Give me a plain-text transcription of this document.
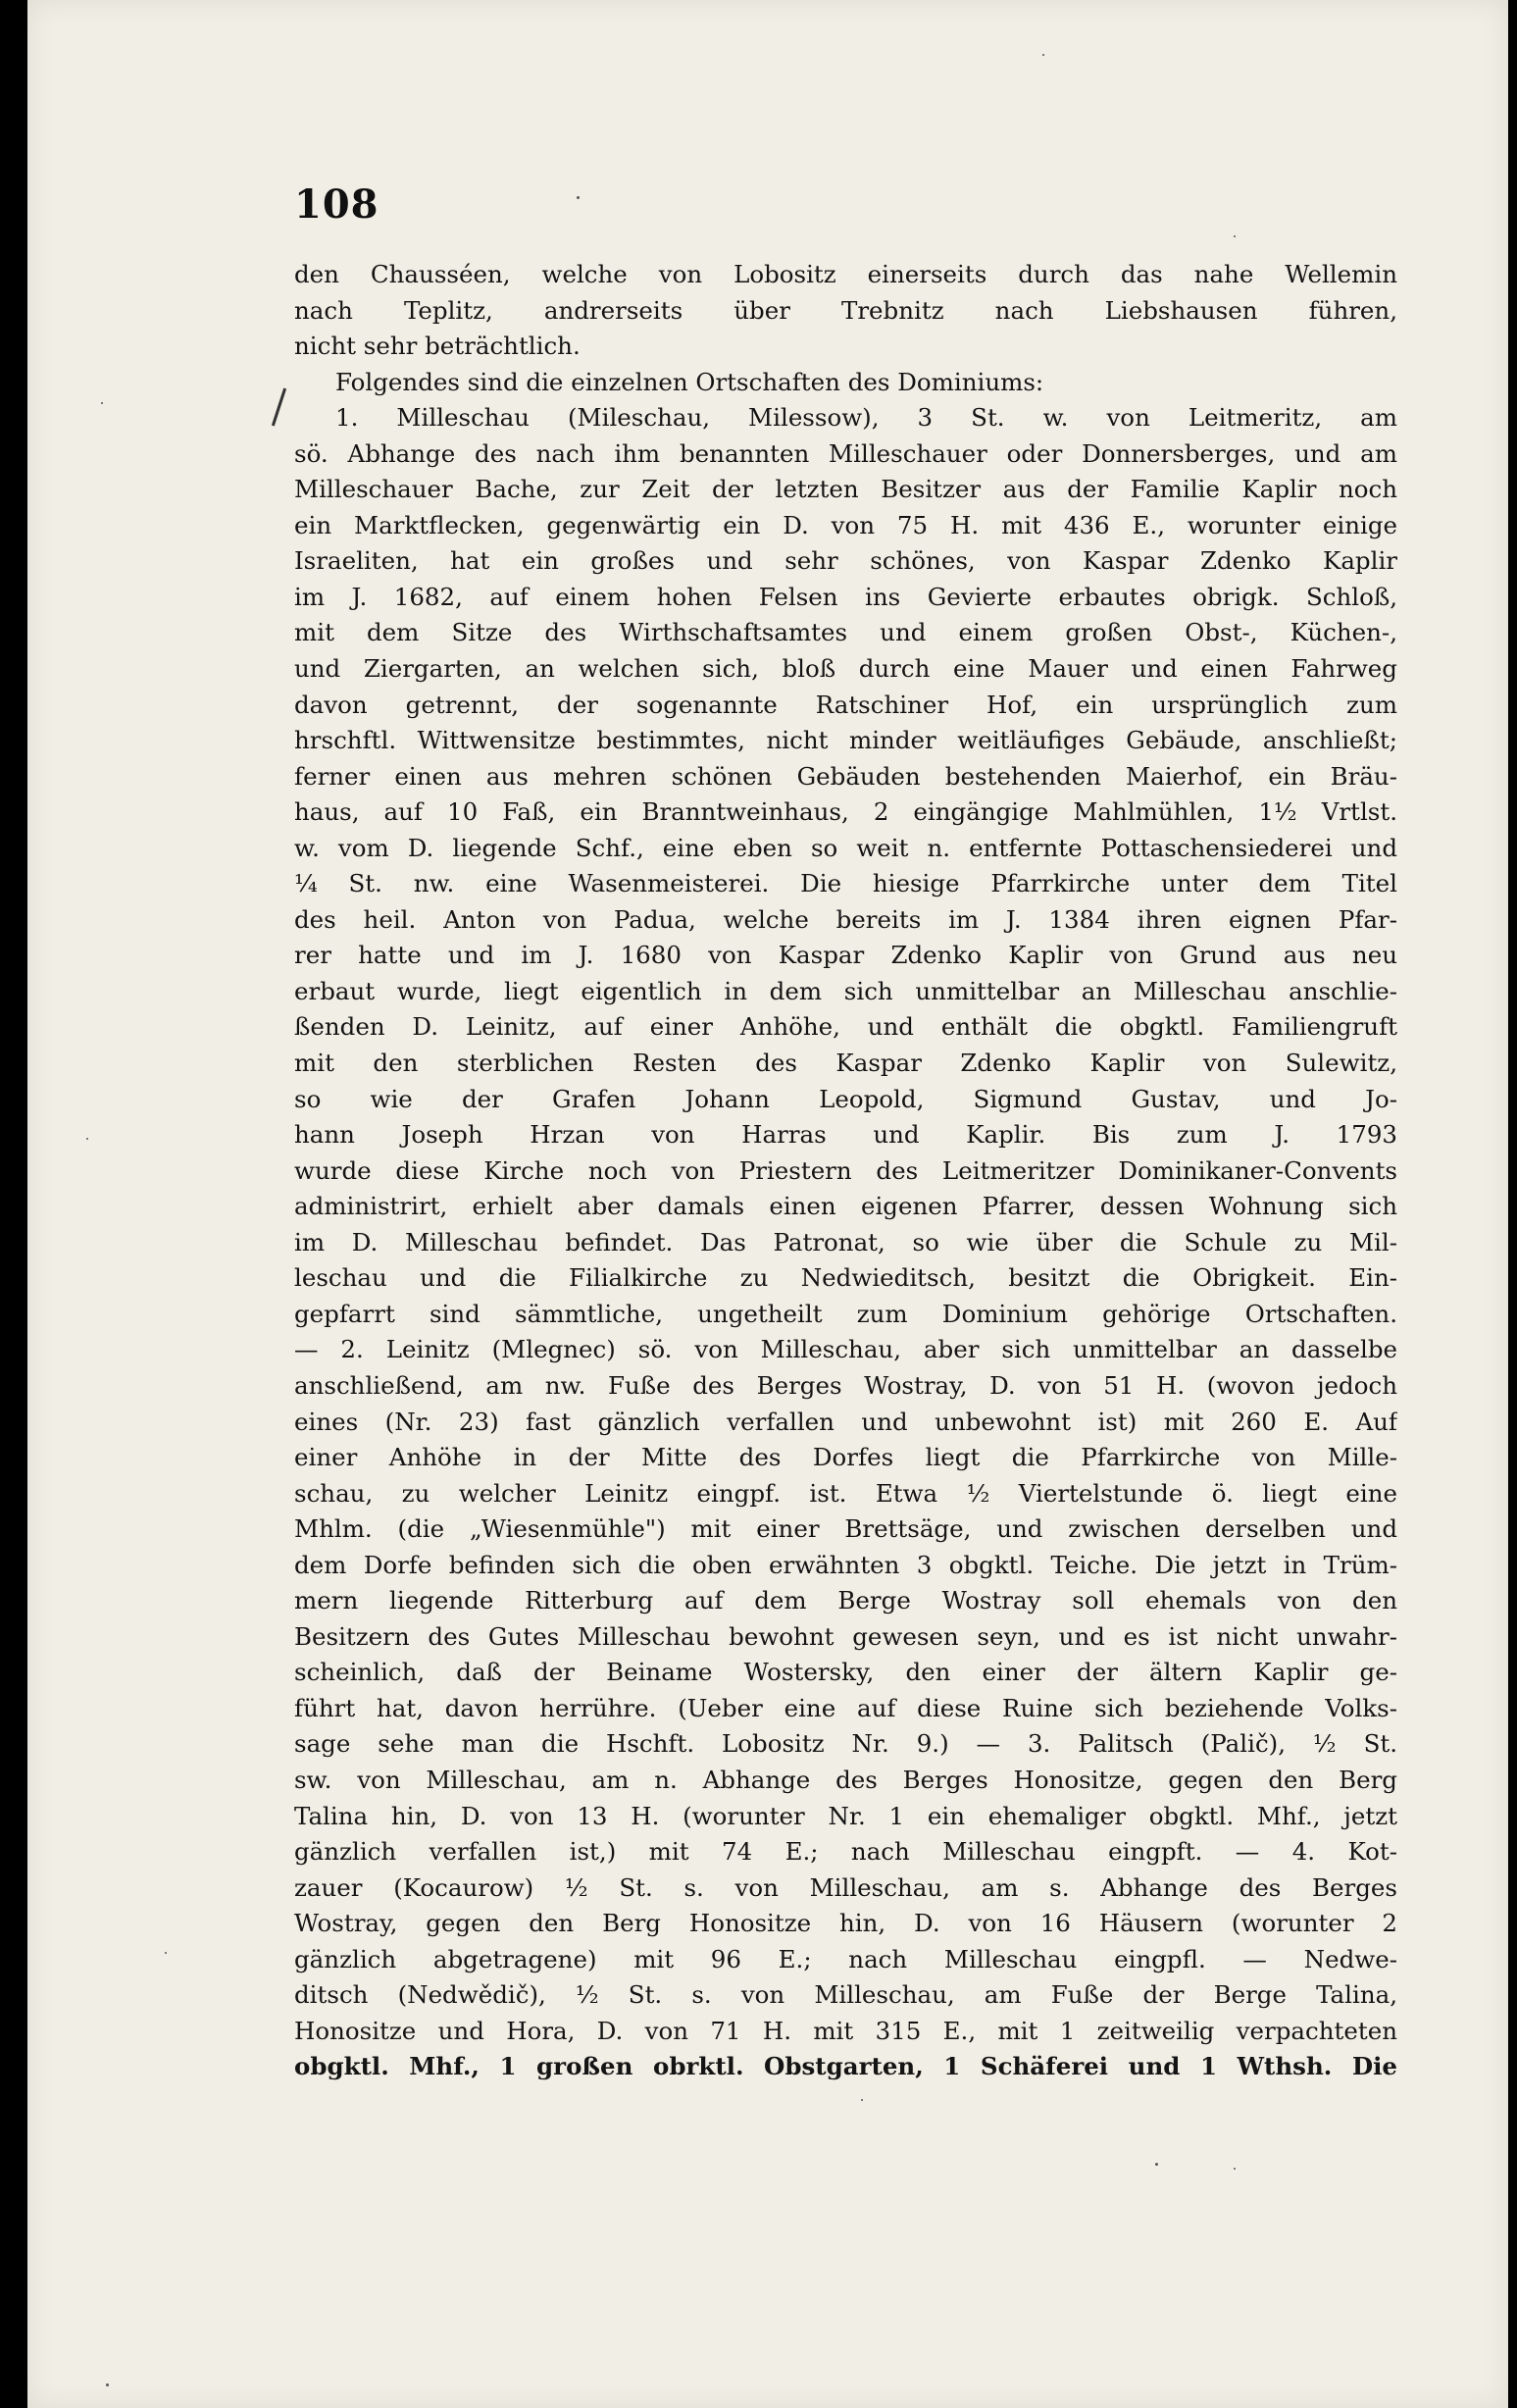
108
den Chausséen, welche von Lobositz einerseits durch das nahe Wellemin
nach Teplitz, andrerseits über Trebnitz nach Liebshausen führen,
nicht sehr beträchtlich.
Folgendes sind die einzelnen Ortschaften des Dominiums:
1. Milleschau (Mileschau, Milessow), 3 St. w. von Leitmeritz, am
sö. Abhange des nach ihm benannten Milleschauer oder Donnersberges, und am
Milleschauer Bache, zur Zeit der letzten Besitzer aus der Familie Kaplir noch
ein Marktflecken, gegenwärtig ein D. von 75 H. mit 436 E., worunter einige
Israeliten, hat ein großes und sehr schönes, von Kaspar Zdenko Kaplir
im J. 1682, auf einem hohen Felsen ins Gevierte erbautes obrigk. Schloß,
mit dem Sitze des Wirthschaftsamtes und einem großen Obst-, Küchen-,
und Ziergarten, an welchen sich, bloß durch eine Mauer und einen Fahrweg
davon getrennt, der sogenannte Ratschiner Hof, ein ursprünglich zum
hrschftl. Wittwensitze bestimmtes, nicht minder weitläufiges Gebäude, anschließt;
ferner einen aus mehren schönen Gebäuden bestehenden Maierhof, ein Bräu-
haus, auf 10 Faß, ein Branntweinhaus, 2 eingängige Mahlmühlen, 1½ Vrtlst.
w. vom D. liegende Schf., eine eben so weit n. entfernte Pottaschensiederei und
¼ St. nw. eine Wasenmeisterei. Die hiesige Pfarrkirche unter dem Titel
des heil. Anton von Padua, welche bereits im J. 1384 ihren eignen Pfar-
rer hatte und im J. 1680 von Kaspar Zdenko Kaplir von Grund aus neu
erbaut wurde, liegt eigentlich in dem sich unmittelbar an Milleschau anschlie-
ßenden D. Leinitz, auf einer Anhöhe, und enthält die obgktl. Familiengruft
mit den sterblichen Resten des Kaspar Zdenko Kaplir von Sulewitz,
so wie der Grafen Johann Leopold, Sigmund Gustav, und Jo-
hann Joseph Hrzan von Harras und Kaplir. Bis zum J. 1793
wurde diese Kirche noch von Priestern des Leitmeritzer Dominikaner-Convents
administrirt, erhielt aber damals einen eigenen Pfarrer, dessen Wohnung sich
im D. Milleschau befindet. Das Patronat, so wie über die Schule zu Mil-
leschau und die Filialkirche zu Nedwieditsch, besitzt die Obrigkeit. Ein-
gepfarrt sind sämmtliche, ungetheilt zum Dominium gehörige Ortschaften.
— 2. Leinitz (Mlegnec) sö. von Milleschau, aber sich unmittelbar an dasselbe
anschließend, am nw. Fuße des Berges Wostray, D. von 51 H. (wovon jedoch
eines (Nr. 23) fast gänzlich verfallen und unbewohnt ist) mit 260 E. Auf
einer Anhöhe in der Mitte des Dorfes liegt die Pfarrkirche von Mille-
schau, zu welcher Leinitz eingpf. ist. Etwa ½ Viertelstunde ö. liegt eine
Mhlm. (die „Wiesenmühle") mit einer Brettsäge, und zwischen derselben und
dem Dorfe befinden sich die oben erwähnten 3 obgktl. Teiche. Die jetzt in Trüm-
mern liegende Ritterburg auf dem Berge Wostray soll ehemals von den
Besitzern des Gutes Milleschau bewohnt gewesen seyn, und es ist nicht unwahr-
scheinlich, daß der Beiname Wostersky, den einer der ältern Kaplir ge-
führt hat, davon herrühre. (Ueber eine auf diese Ruine sich beziehende Volks-
sage sehe man die Hschft. Lobositz Nr. 9.) — 3. Palitsch (Palič), ½ St.
sw. von Milleschau, am n. Abhange des Berges Honositze, gegen den Berg
Talina hin, D. von 13 H. (worunter Nr. 1 ein ehemaliger obgktl. Mhf., jetzt
gänzlich verfallen ist,) mit 74 E.; nach Milleschau eingpft. — 4. Kot-
zauer (Kocaurow) ½ St. s. von Milleschau, am s. Abhange des Berges
Wostray, gegen den Berg Honositze hin, D. von 16 Häusern (worunter 2
gänzlich abgetragene) mit 96 E.; nach Milleschau eingpfl. — Nedwe-
ditsch (Nedwědič), ½ St. s. von Milleschau, am Fuße der Berge Talina,
Honositze und Hora, D. von 71 H. mit 315 E., mit 1 zeitweilig verpachteten
obgktl. Mhf., 1 großen obrktl. Obstgarten, 1 Schäferei und 1 Wthsh. Die
